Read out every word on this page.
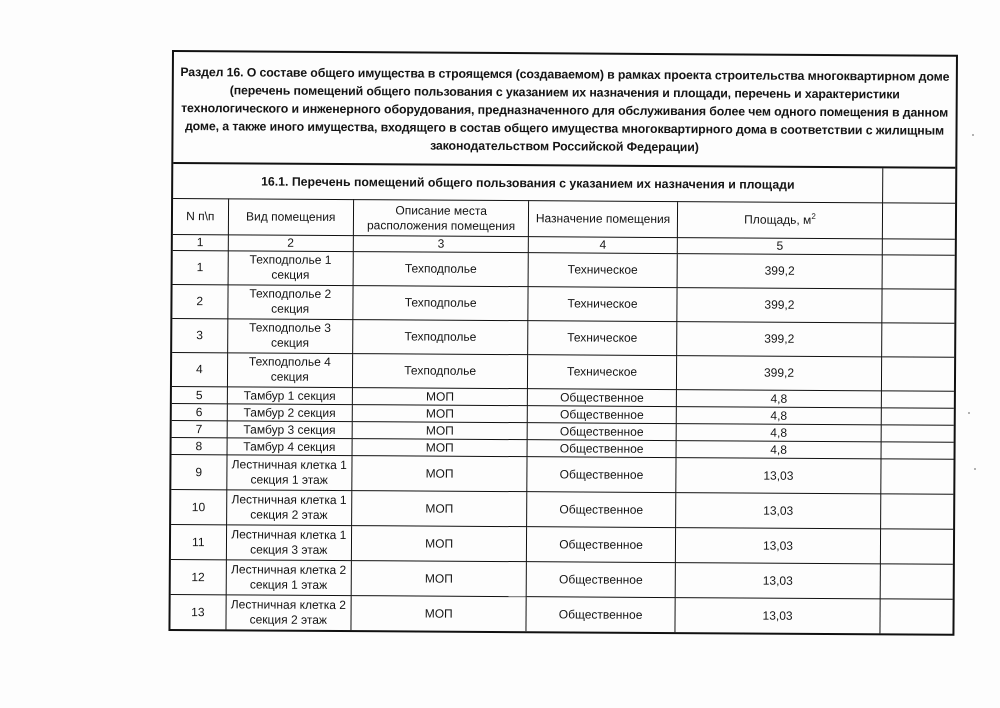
Раздел 16. О составе общего имущества в строящемся (создаваемом) в рамках проекта строительства многоквартирном доме (перечень помещений общего пользования с указанием их назначения и площади, перечень и характеристики технологического и инженерного оборудования, предназначенного для обслуживания более чем одного помещения в данном доме, а также иного имущества, входящего в состав общего имущества многоквартирного дома в соответствии с жилищным законодательством Российской Федерации)
16.1. Перечень помещений общего пользования с указанием их назначения и площади					
N п\п	Вид помещения	Описание места расположения помещения	Назначение помещения	Площадь, $м^2$	
1	2	3	4	5	
1	Техподполье 1 секция	Техподполье	Техническое	399,2	
2	Техподполье 2 секция	Техподполье	Техническое	399,2	
3	Техподполье 3 секция	Техподполье	Техническое	399,2	
4	Техподполье 4 секция	Техподполье	Техническое	399,2	
5	Тамбур 1 секция	МОП	Общественное	4,8	
6	Тамбур 2 секция	МОП	Общественное	4,8	
7	Тамбур 3 секция	МОП	Общественное	4,8	
8	Тамбур 4 секция	МОП	Общественное	4,8	
9	Лестничная клетка 1 секция 1 этаж	МОП	Общественное	13,03	
10	Лестничная клетка 1 секция 2 этаж	МОП	Общественное	13,03	
11	Лестничная клетка 1 секция 3 этаж	МОП	Общественное	13,03	
12	Лестничная клетка 2 секция 1 этаж	МОП	Общественное	13,03	
13	Лестничная клетка 2 секция 2 этаж	МОП	Общественное	13,03	
